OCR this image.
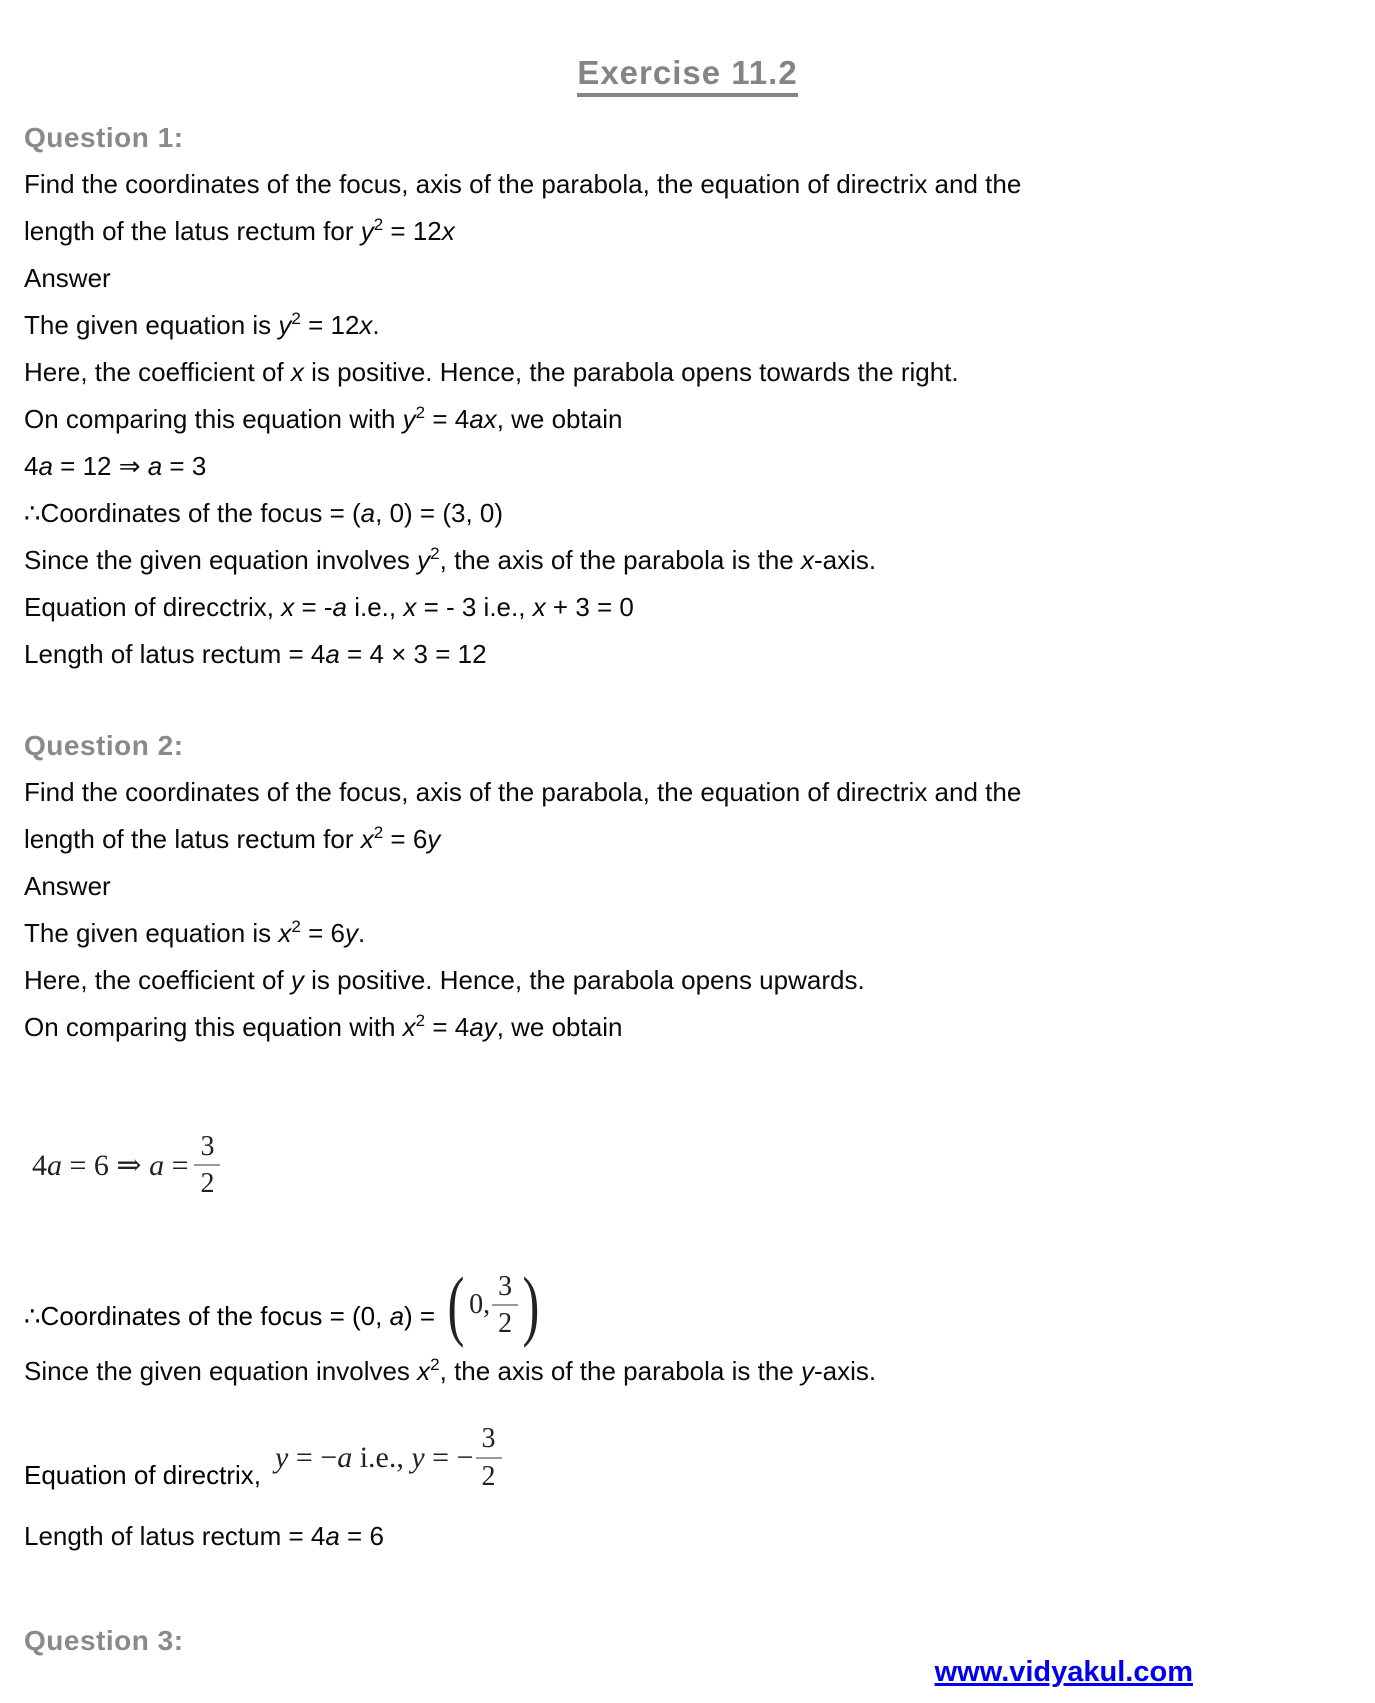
Exercise 11.2
Question 1:
Find the coordinates of the focus, axis of the parabola, the equation of directrix and the
length of the latus rectum for $y^2 = 12x$
Answer
The given equation is $y^2 = 12x$.
Here, the coefficient of x is positive. Hence, the parabola opens towards the right.
On comparing this equation with $y^2 = 4ax$, we obtain
4a = 12 ⇒ a = 3
∴Coordinates of the focus = (a, 0) = (3, 0)
Since the given equation involves $y^2$, the axis of the parabola is the x-axis.
Equation of direcctrix, x = -a i.e., x = - 3 i.e., x + 3 = 0
Length of latus rectum = 4a = 4 × 3 = 12
Question 2:
Find the coordinates of the focus, axis of the parabola, the equation of directrix and the
length of the latus rectum for $x^2 = 6y$
Answer
The given equation is $x^2 = 6y$.
Here, the coefficient of y is positive. Hence, the parabola opens upwards.
On comparing this equation with $x^2 = 4ay$, we obtain
4a = 6 ⇒ $a = \frac{3}{2}$
∴Coordinates of the focus = (0, a) = ( 0, $\frac{3}{2}$ )
Since the given equation involves $x^2$, the axis of the parabola is the y-axis.
Equation of directrix,
y = −a i.e., y = − $\frac{3}{2}$
Length of latus rectum = 4a = 6
Question 3:
www.vidyakul.com
